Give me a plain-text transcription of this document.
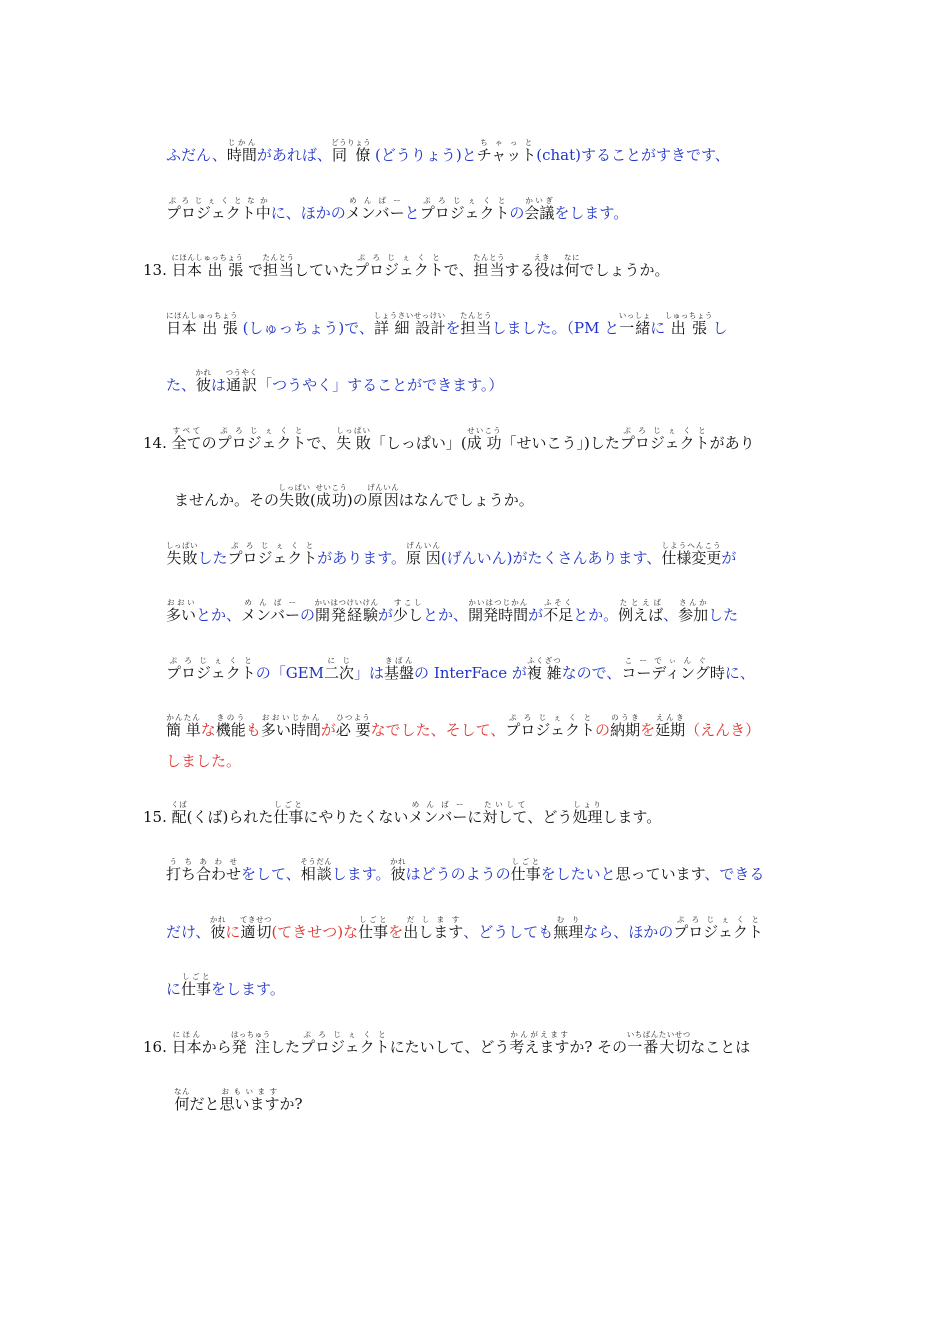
ふだん、時間じかんがあれば、同 僚どうりょう (どうりょう)とチャットちゃっと(chat)することがすきです、
プロジェクト中ぷろじぇくとなかに、ほかのメンバーめんばーとプロジェクトぷろじぇくとの会議かいぎをします。
13. 日本 出 張にほんしゅっちょう で担当たんとうしていたプロジェクトぷろじぇくとで、担当たんとうする役えきは何なにでしょうか。
日本 出 張にほんしゅっちょう (しゅっちょう)で、詳 細 設計しょうさいせっけいを担当たんとうしました。（PM と一緒いっしょに 出 張 しゅっちょうし
た、彼かれは通訳つうやく「つうやく」することができます。）
14. 全てすべてのプロジェクトぷろじぇくとで、失 敗しっぱい「しっぱい」(成 功せいこう「せいこう」)したプロジェクトぷろじぇくとがあり
ませんか。その失敗しっぱい(成功せいこう)の原因げんいんはなんでしょうか。
失敗しっぱいしたプロジェクトぷろじぇくとがあります。原 因げんいん(げんいん)がたくさんあります、仕様変更しようへんこうが
多いおおいとか、メンバーめんばーの開発経験かいはつけいけんが少しすこしとか、開発時間かいはつじかんが不足ふそくとか。例えばたとえば、参加さんかした
プロジェクトぷろじぇくとの「GEM二次にじ」は基盤きばんの InterFace が複 雑ふくざつなので、コーディングこーでぃんぐ時に、
簡 単かんたんな機能きのうも多い時間おおいじかんが必 要ひつようなでした、そして、プロジェクトぷろじぇくとの納期のうきを延期えんき（えんき）
しました。
15. 配くば(くば)られた仕事しごとにやりたくないメンバーめんばーに対してたいして、どう処理しょりします。
打ち合わせうちあわせをして、相談そうだんします。彼かれはどうのようの仕事しごとをしたいと思っています、できる
だけ、彼かれに適切てきせつ(てきせつ)な仕事しごとを出しますだします、どうしても無理むりなら、ほかのプロジェクトぷろじぇくと
に仕事しごとをします。
16. 日本にほんから発 注はっちゅうしたプロジェクトぷろじぇくとにたいして、どう考えますかんがえますか? その一番大切いちばんたいせつなことは
何なんだと思いますおもいますか?
